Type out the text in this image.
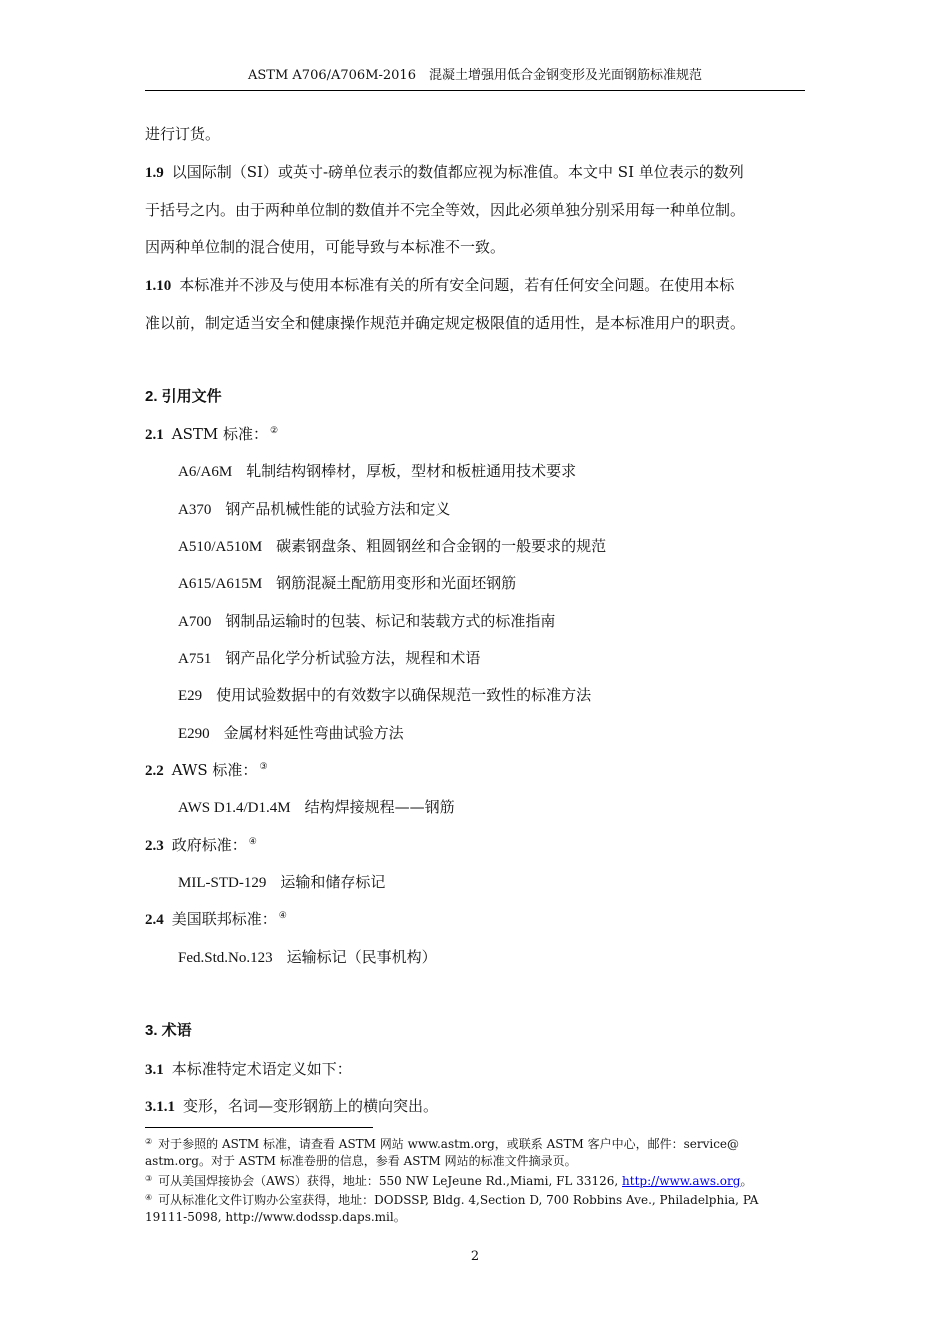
ASTM A706/A706M-2016　混凝土增强用低合金钢变形及光面钢筋标准规范
进行订货。
1.9 以国际制（SI）或英寸-磅单位表示的数值都应视为标准值。本文中 SI 单位表示的数列
于括号之内。由于两种单位制的数值并不完全等效，因此必须单独分别采用每一种单位制。
因两种单位制的混合使用，可能导致与本标准不一致。
1.10 本标准并不涉及与使用本标准有关的所有安全问题，若有任何安全问题。在使用本标
准以前，制定适当安全和健康操作规范并确定规定极限值的适用性，是本标准用户的职责。
2. 引用文件
2.1 ASTM 标准： ②
A6/A6M 轧制结构钢棒材，厚板，型材和板桩通用技术要求
A370 钢产品机械性能的试验方法和定义
A510/A510M 碳素钢盘条、粗圆钢丝和合金钢的一般要求的规范
A615/A615M 钢筋混凝土配筋用变形和光面坯钢筋
A700 钢制品运输时的包装、标记和装载方式的标准指南
A751 钢产品化学分析试验方法，规程和术语
E29 使用试验数据中的有效数字以确保规范一致性的标准方法
E290 金属材料延性弯曲试验方法
2.2 AWS 标准： ③
AWS D1.4/D1.4M 结构焊接规程——钢筋
2.3 政府标准： ④
MIL-STD-129 运输和储存标记
2.4 美国联邦标准： ④
Fed.Std.No.123 运输标记（民事机构）
3. 术语
3.1 本标准特定术语定义如下：
3.1.1 变形，名词—变形钢筋上的横向突出。
② 对于参照的 ASTM 标准，请查看 ASTM 网站 www.astm.org，或联系 ASTM 客户中心，邮件：service@
astm.org。对于 ASTM 标准卷册的信息，参看 ASTM 网站的标准文件摘录页。
③ 可从美国焊接协会（AWS）获得，地址：550 NW LeJeune Rd.,Miami, FL 33126, http://www.aws.org。
④ 可从标准化文件订购办公室获得，地址：DODSSP, Bldg. 4,Section D, 700 Robbins Ave., Philadelphia, PA
19111-5098, http://www.dodssp.daps.mil。
2
